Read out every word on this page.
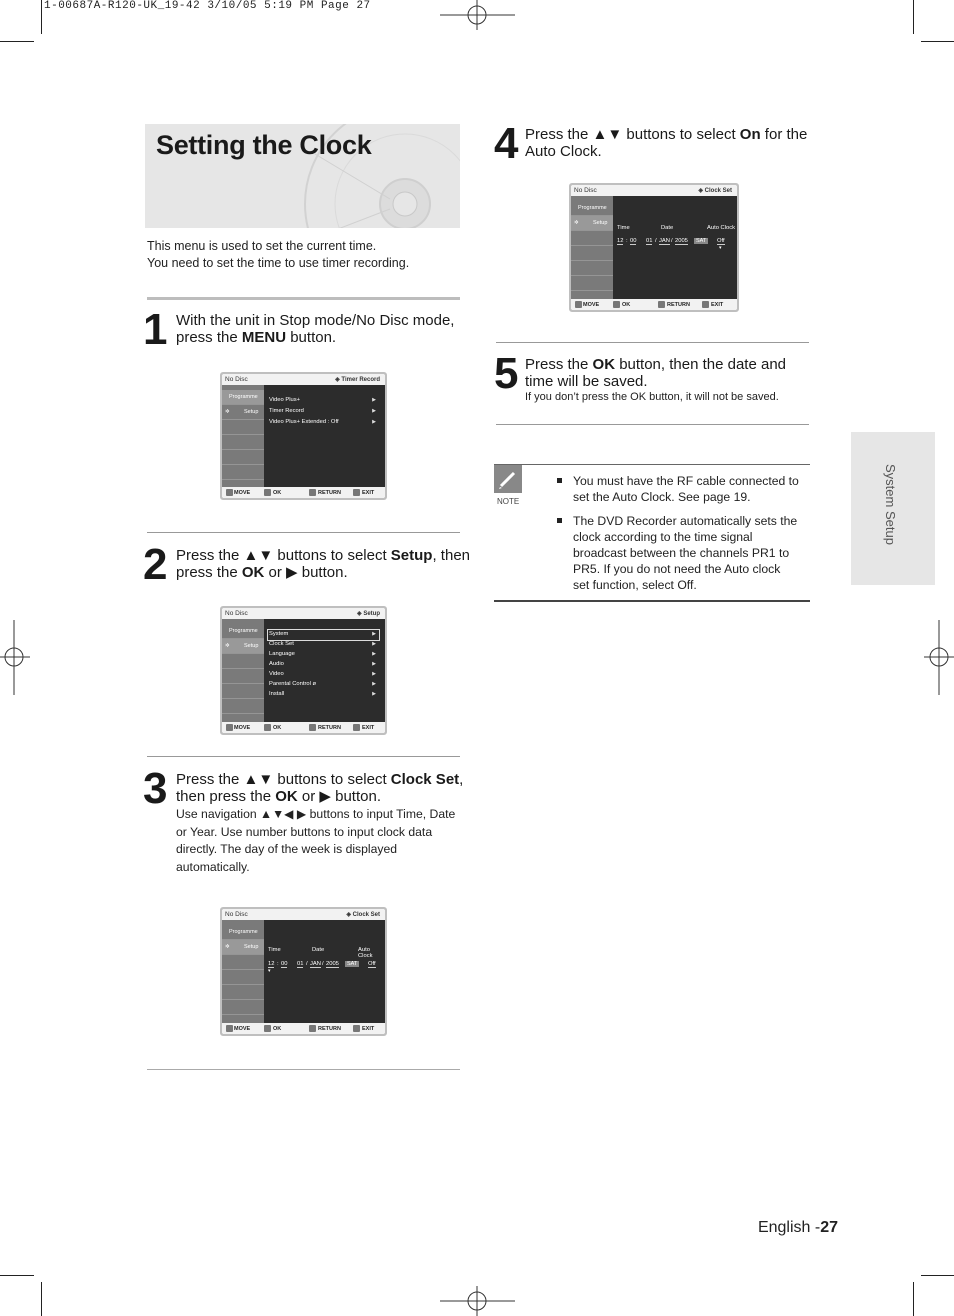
1-00687A-R120-UK_19-42 3/10/05 5:19 PM Page 27
Setting the Clock
This menu is used to set the current time.
You need to set the time to use timer recording.
1 With the unit in Stop mode/No Disc mode,
press the MENU button.
No Disc	◈ Timer Record
Programme
✲	Setup
Video Plus+	▶
Timer Record	▶
Video Plus+ Extended : Off	▶
MOVE	OK	RETURN	EXIT
2 Press the ▲▼ buttons to select Setup, then
press the OK or ▶ button.
No Disc	◈ Setup
Programme
✲	Setup
System	▶
Clock Set	▶
Language	▶
Audio	▶
Video	▶
Parental Control ø	▶
Install	▶
MOVE	OK	RETURN	EXIT
3 Press the ▲▼ buttons to select Clock Set,
then press the OK or ▶ button.
Use navigation ▲▼◀ ▶ buttons to input Time, Date
or Year. Use number buttons to input clock data
directly. The day of the week is displayed
automatically.
No Disc	◈ Clock Set
Programme
✲	Setup Time	Date	Auto Clock
12 : 00 01 / JAN / 2005	SAT	Off
▾
MOVE	OK	RETURN	EXIT
4 Press the ▲▼ buttons to select On for the
Auto Clock.
No Disc	◈ Clock Set
Programme
✲	Setup
Time	Date	Auto Clock
12 : 00 01 / JAN / 2005	SAT	Off
▾
MOVE	OK	RETURN	EXIT
5 Press the OK button, then the date and
time will be saved.
If you don’t press the OK button, it will not be saved.
NOTE
You must have the RF cable connected to
set the Auto Clock. See page 19.
The DVD Recorder automatically sets the
clock according to the time signal
broadcast between the channels PR1 to
PR5. If you do not need the Auto clock
set function, select Off.
System Setup
English -27
